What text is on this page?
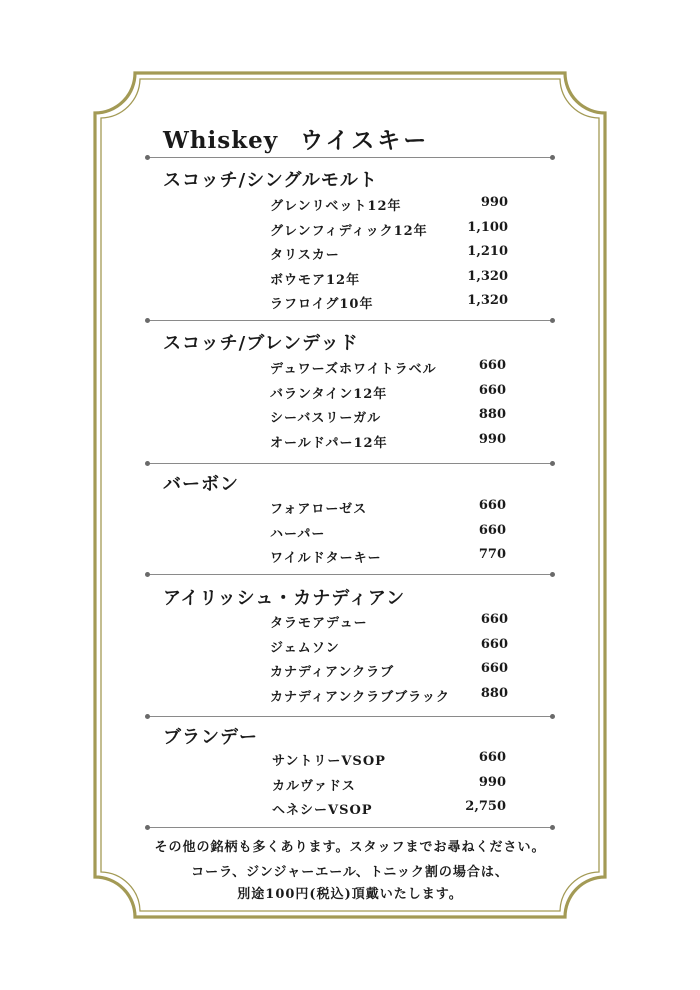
Whiskey ウイスキー
スコッチ/シングルモルト
グレンリベット12年	990
グレンフィディック12年	1,100
タリスカー	1,210
ボウモア12年	1,320
ラフロイグ10年	1,320
スコッチ/ブレンデッド
デュワーズホワイトラベル	660
バランタイン12年	660
シーバスリーガル	880
オールドパー12年	990
バーボン
フォアローゼス	660
ハーパー	660
ワイルドターキー	770
アイリッシュ・カナディアン
タラモアデュー	660
ジェムソン	660
カナディアンクラブ	660
カナディアンクラブブラック	880
ブランデー
サントリーVSOP	660
カルヴァドス	990
ヘネシーVSOP	2,750
その他の銘柄も多くあります。スタッフまでお尋ねください。
コーラ、ジンジャーエール、トニック割の場合は、
別途100円(税込)頂戴いたします。
